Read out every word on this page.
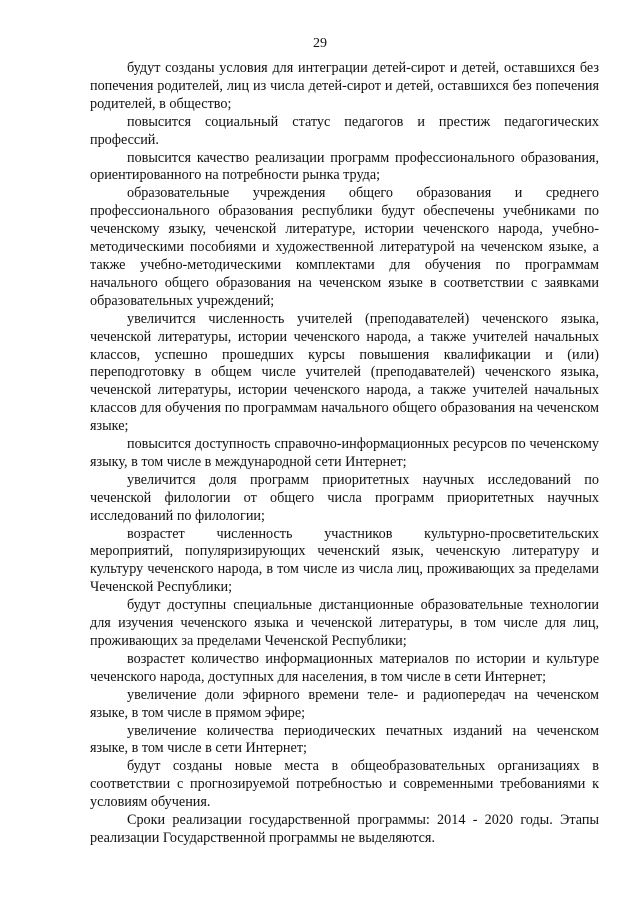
29

будут созданы условия для интеграции детей-сирот и детей, оставшихся без попечения родителей, лиц из числа детей-сирот и детей, оставшихся без попечения родителей, в общество;

повысится социальный статус педагогов и престиж педагогических профессий.

повысится качество реализации программ профессионального образования, ориентированного на потребности рынка труда;

образовательные учреждения общего образования и среднего профессионального образования республики будут обеспечены учебниками по чеченскому языку, чеченской литературе, истории чеченского народа, учебно-методическими пособиями и художественной литературой на чеченском языке, а также учебно-методическими комплектами для обучения по программам начального общего образования на чеченском языке в соответствии с заявками образовательных учреждений;

увеличится численность учителей (преподавателей) чеченского языка, чеченской литературы, истории чеченского народа, а также учителей начальных классов, успешно прошедших курсы повышения квалификации и (или) переподготовку в общем числе учителей (преподавателей) чеченского языка, чеченской литературы, истории чеченского народа, а также учителей начальных классов для обучения по программам начального общего образования на чеченском языке;

повысится доступность справочно-информационных ресурсов по чеченскому языку, в том числе в международной сети Интернет;

увеличится доля программ приоритетных научных исследований по чеченской филологии от общего числа программ приоритетных научных исследований по филологии;

возрастет численность участников культурно-просветительских мероприятий, популяризирующих чеченский язык, чеченскую литературу и культуру чеченского народа, в том числе из числа лиц, проживающих за пределами Чеченской Республики;

будут доступны специальные дистанционные образовательные технологии для изучения чеченского языка и чеченской литературы, в том числе для лиц, проживающих за пределами Чеченской Республики;

возрастет количество информационных материалов по истории и культуре чеченского народа, доступных для населения, в том числе в сети Интернет;

увеличение доли эфирного времени теле- и радиопередач на чеченском языке, в том числе в прямом эфире;

увеличение количества периодических печатных изданий на чеченском языке, в том числе в сети Интернет;

будут созданы новые места в общеобразовательных организациях в соответствии с прогнозируемой потребностью и современными требованиями к условиям обучения.

Сроки реализации государственной программы: 2014 - 2020 годы. Этапы реализации Государственной программы не выделяются.
